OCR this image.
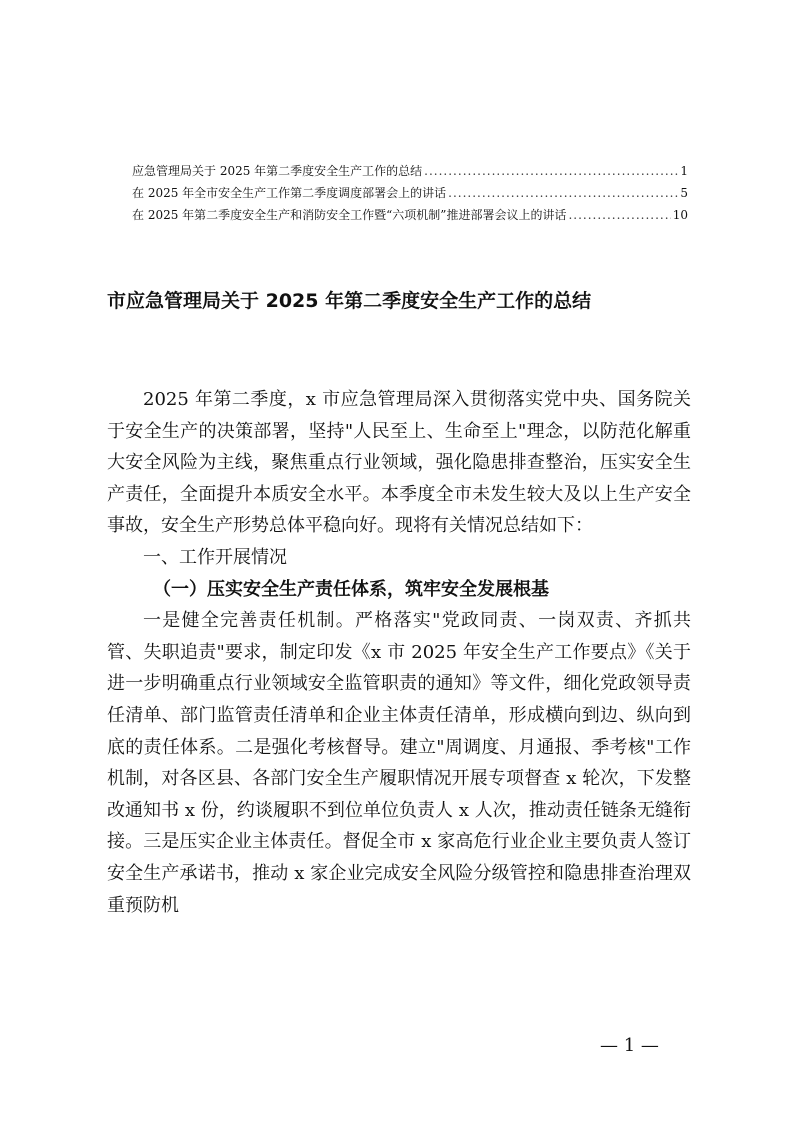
应急管理局关于 2025 年第二季度安全生产工作的总结 .....	1
在 2025 年全市安全生产工作第二季度调度部署会上的讲话 .....	5
在 2025 年第二季度安全生产和消防安全工作暨“六项机制”推进部署会议上的讲话 .....	10
市应急管理局关于 2025 年第二季度安全生产工作的总结

2025 年第二季度，x 市应急管理局深入贯彻落实党中央、国务院关于安全生产的决策部署，坚持"人民至上、生命至上"理念，以防范化解重大安全风险为主线，聚焦重点行业领域，强化隐患排查整治，压实安全生产责任，全面提升本质安全水平。本季度全市未发生较大及以上生产安全事故，安全生产形势总体平稳向好。现将有关情况总结如下：

一、工作开展情况

（一）压实安全生产责任体系，筑牢安全发展根基

一是健全完善责任机制。严格落实"党政同责、一岗双责、齐抓共管、失职追责"要求，制定印发《x 市 2025 年安全生产工作要点》《关于进一步明确重点行业领域安全监管职责的通知》等文件，细化党政领导责任清单、部门监管责任清单和企业主体责任清单，形成横向到边、纵向到底的责任体系。二是强化考核督导。建立"周调度、月通报、季考核"工作机制，对各区县、各部门安全生产履职情况开展专项督查 x 轮次，下发整改通知书 x 份，约谈履职不到位单位负责人 x 人次，推动责任链条无缝衔接。三是压实企业主体责任。督促全市 x 家高危行业企业主要负责人签订安全生产承诺书，推动 x 家企业完成安全风险分级管控和隐患排查治理双重预防机

— 1 —
